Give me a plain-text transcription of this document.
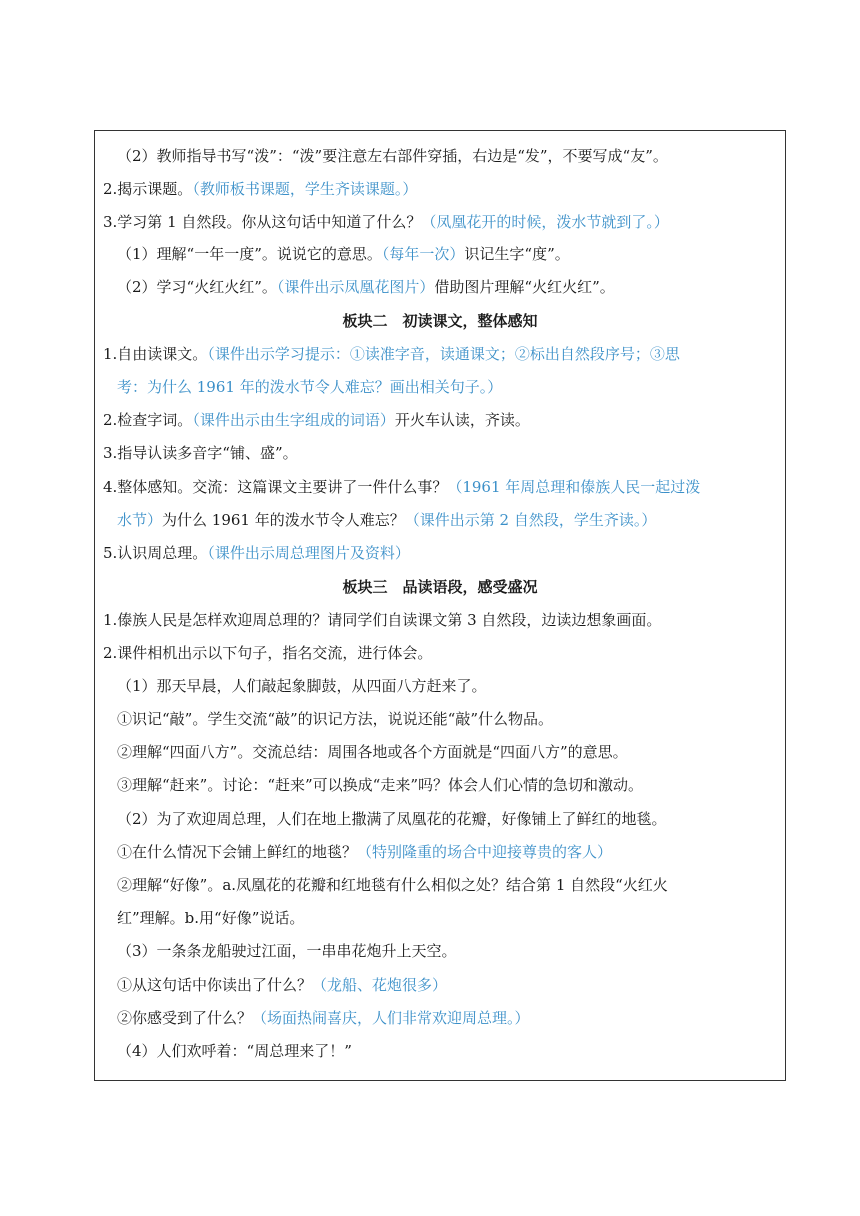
（2）教师指导书写“泼”：“泼”要注意左右部件穿插，右边是“发”，不要写成“友”。
2.揭示课题。（教师板书课题，学生齐读课题。）
3.学习第 1 自然段。你从这句话中知道了什么？（凤凰花开的时候，泼水节就到了。）
（1）理解“一年一度”。说说它的意思。（每年一次）识记生字“度”。
（2）学习“火红火红”。（课件出示凤凰花图片）借助图片理解“火红火红”。
板块二　初读课文，整体感知
1.自由读课文。（课件出示学习提示：①读准字音，读通课文；②标出自然段序号；③思
考：为什么 1961 年的泼水节令人难忘？画出相关句子。）
2.检查字词。（课件出示由生字组成的词语）开火车认读，齐读。
3.指导认读多音字“铺、盛”。
4.整体感知。交流：这篇课文主要讲了一件什么事？（1961 年周总理和傣族人民一起过泼
水节）为什么 1961 年的泼水节令人难忘？（课件出示第 2 自然段，学生齐读。）
5.认识周总理。（课件出示周总理图片及资料）
板块三　品读语段，感受盛况
1.傣族人民是怎样欢迎周总理的？请同学们自读课文第 3 自然段，边读边想象画面。
2.课件相机出示以下句子，指名交流，进行体会。
（1）那天早晨，人们敲起象脚鼓，从四面八方赶来了。
①识记“敲”。学生交流“敲”的识记方法，说说还能“敲”什么物品。
②理解“四面八方”。交流总结：周围各地或各个方面就是“四面八方”的意思。
③理解“赶来”。讨论：“赶来”可以换成“走来”吗？体会人们心情的急切和激动。
（2）为了欢迎周总理，人们在地上撒满了凤凰花的花瓣，好像铺上了鲜红的地毯。
①在什么情况下会铺上鲜红的地毯？（特别隆重的场合中迎接尊贵的客人）
②理解“好像”。a.凤凰花的花瓣和红地毯有什么相似之处？结合第 1 自然段“火红火
红”理解。b.用“好像”说话。
（3）一条条龙船驶过江面，一串串花炮升上天空。
①从这句话中你读出了什么？（龙船、花炮很多）
②你感受到了什么？（场面热闹喜庆，人们非常欢迎周总理。）
（4）人们欢呼着：“周总理来了！”
